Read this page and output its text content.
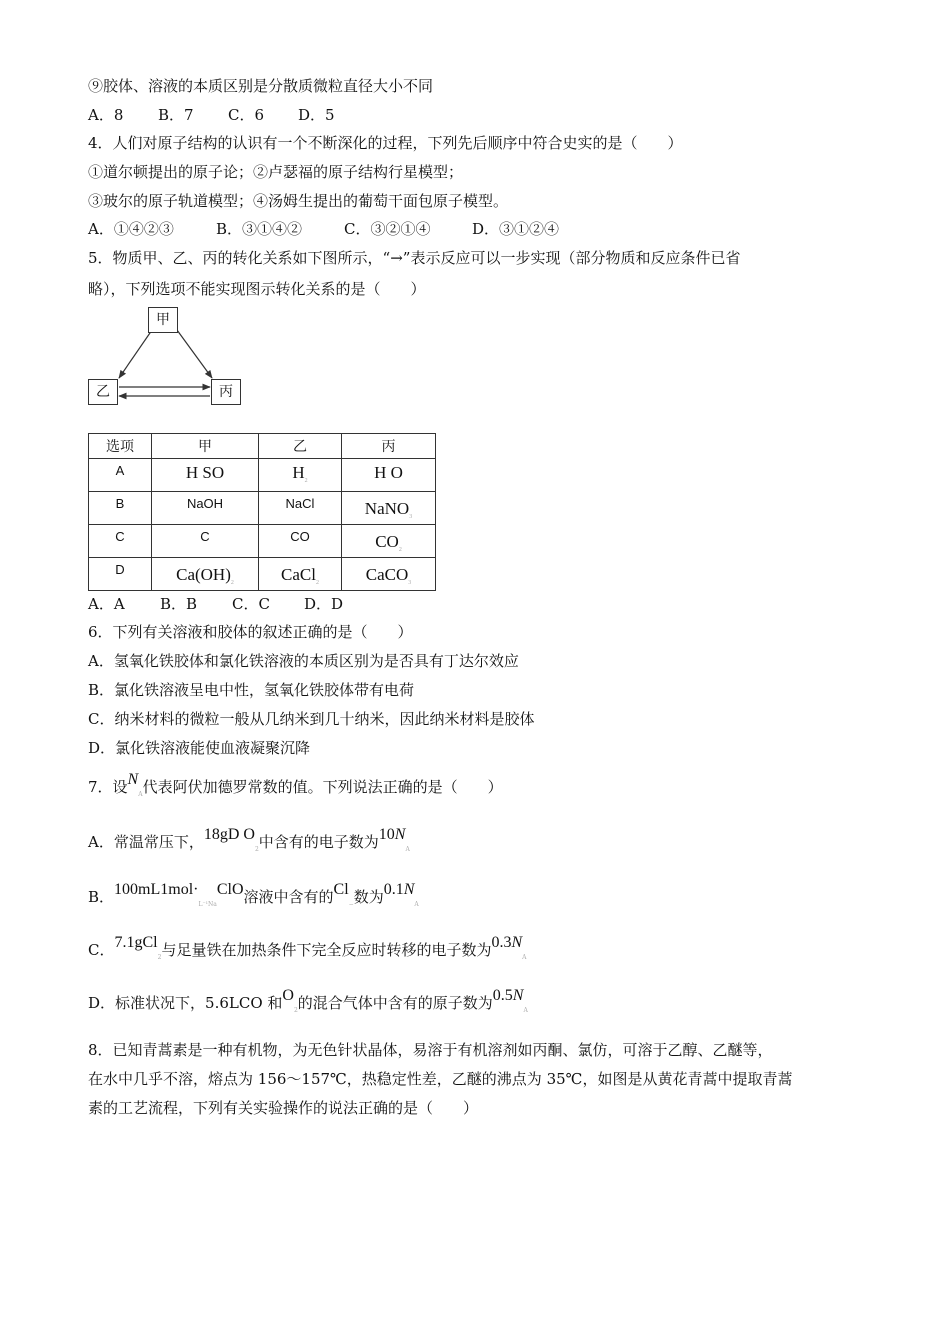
⑨胶体、溶液的本质区别是分散质微粒直径大小不同
A．8 B．7 C．6 D．5
4．人们对原子结构的认识有一个不断深化的过程，下列先后顺序中符合史实的是（　　）
①道尔顿提出的原子论；②卢瑟福的原子结构行星模型；
③玻尔的原子轨道模型；④汤姆生提出的葡萄干面包原子模型。
A．①④②③	B．③①④②	C．③②①④	D．③①②④
5．物质甲、乙、丙的转化关系如下图所示，“→”表示反应可以一步实现（部分物质和反应条件已省
略），下列选项不能实现图示转化关系的是（　　）
甲
乙	丙
选项	甲	乙	丙

A	H SO	$H_2$	H O

B	NaOH	NaCl	NaNO$_3$

C	C	CO	$CO_2$

D	$Ca(OH)_2$	CaCl$_2$	CaCO$_3$
A．A B．B C．C D．D
6．下列有关溶液和胶体的叙述正确的是（　　）
A．氢氧化铁胶体和氯化铁溶液的本质区别为是否具有丁达尔效应
B．氯化铁溶液呈电中性，氢氧化铁胶体带有电荷
C．纳米材料的微粒一般从几纳米到几十纳米，因此纳米材料是胶体
D．氯化铁溶液能使血液凝聚沉降
7．设$N_A$代表阿伏加德罗常数的值。下列说法正确的是（　　）
A．常温常压下，18gD $O_2$中含有的电子数为$10N_A$
B．$100mL1mol\cdot_{L^{-1}Na}ClO$溶液中含有的$Cl_-$数为$0.1N_A$
C．7.1gCl$_2$与足量铁在加热条件下完全反应时转移的电子数为$0.3N_A$
D．标准状况下，5.6LCO 和$O_2$的混合气体中含有的原子数为$0.5N_A$
8．已知青蒿素是一种有机物，为无色针状晶体，易溶于有机溶剂如丙酮、氯仿，可溶于乙醇、乙醚等，
在水中几乎不溶，熔点为 156～157℃，热稳定性差，乙醚的沸点为 35℃，如图是从黄花青蒿中提取青蒿
素的工艺流程，下列有关实验操作的说法正确的是（　　）
